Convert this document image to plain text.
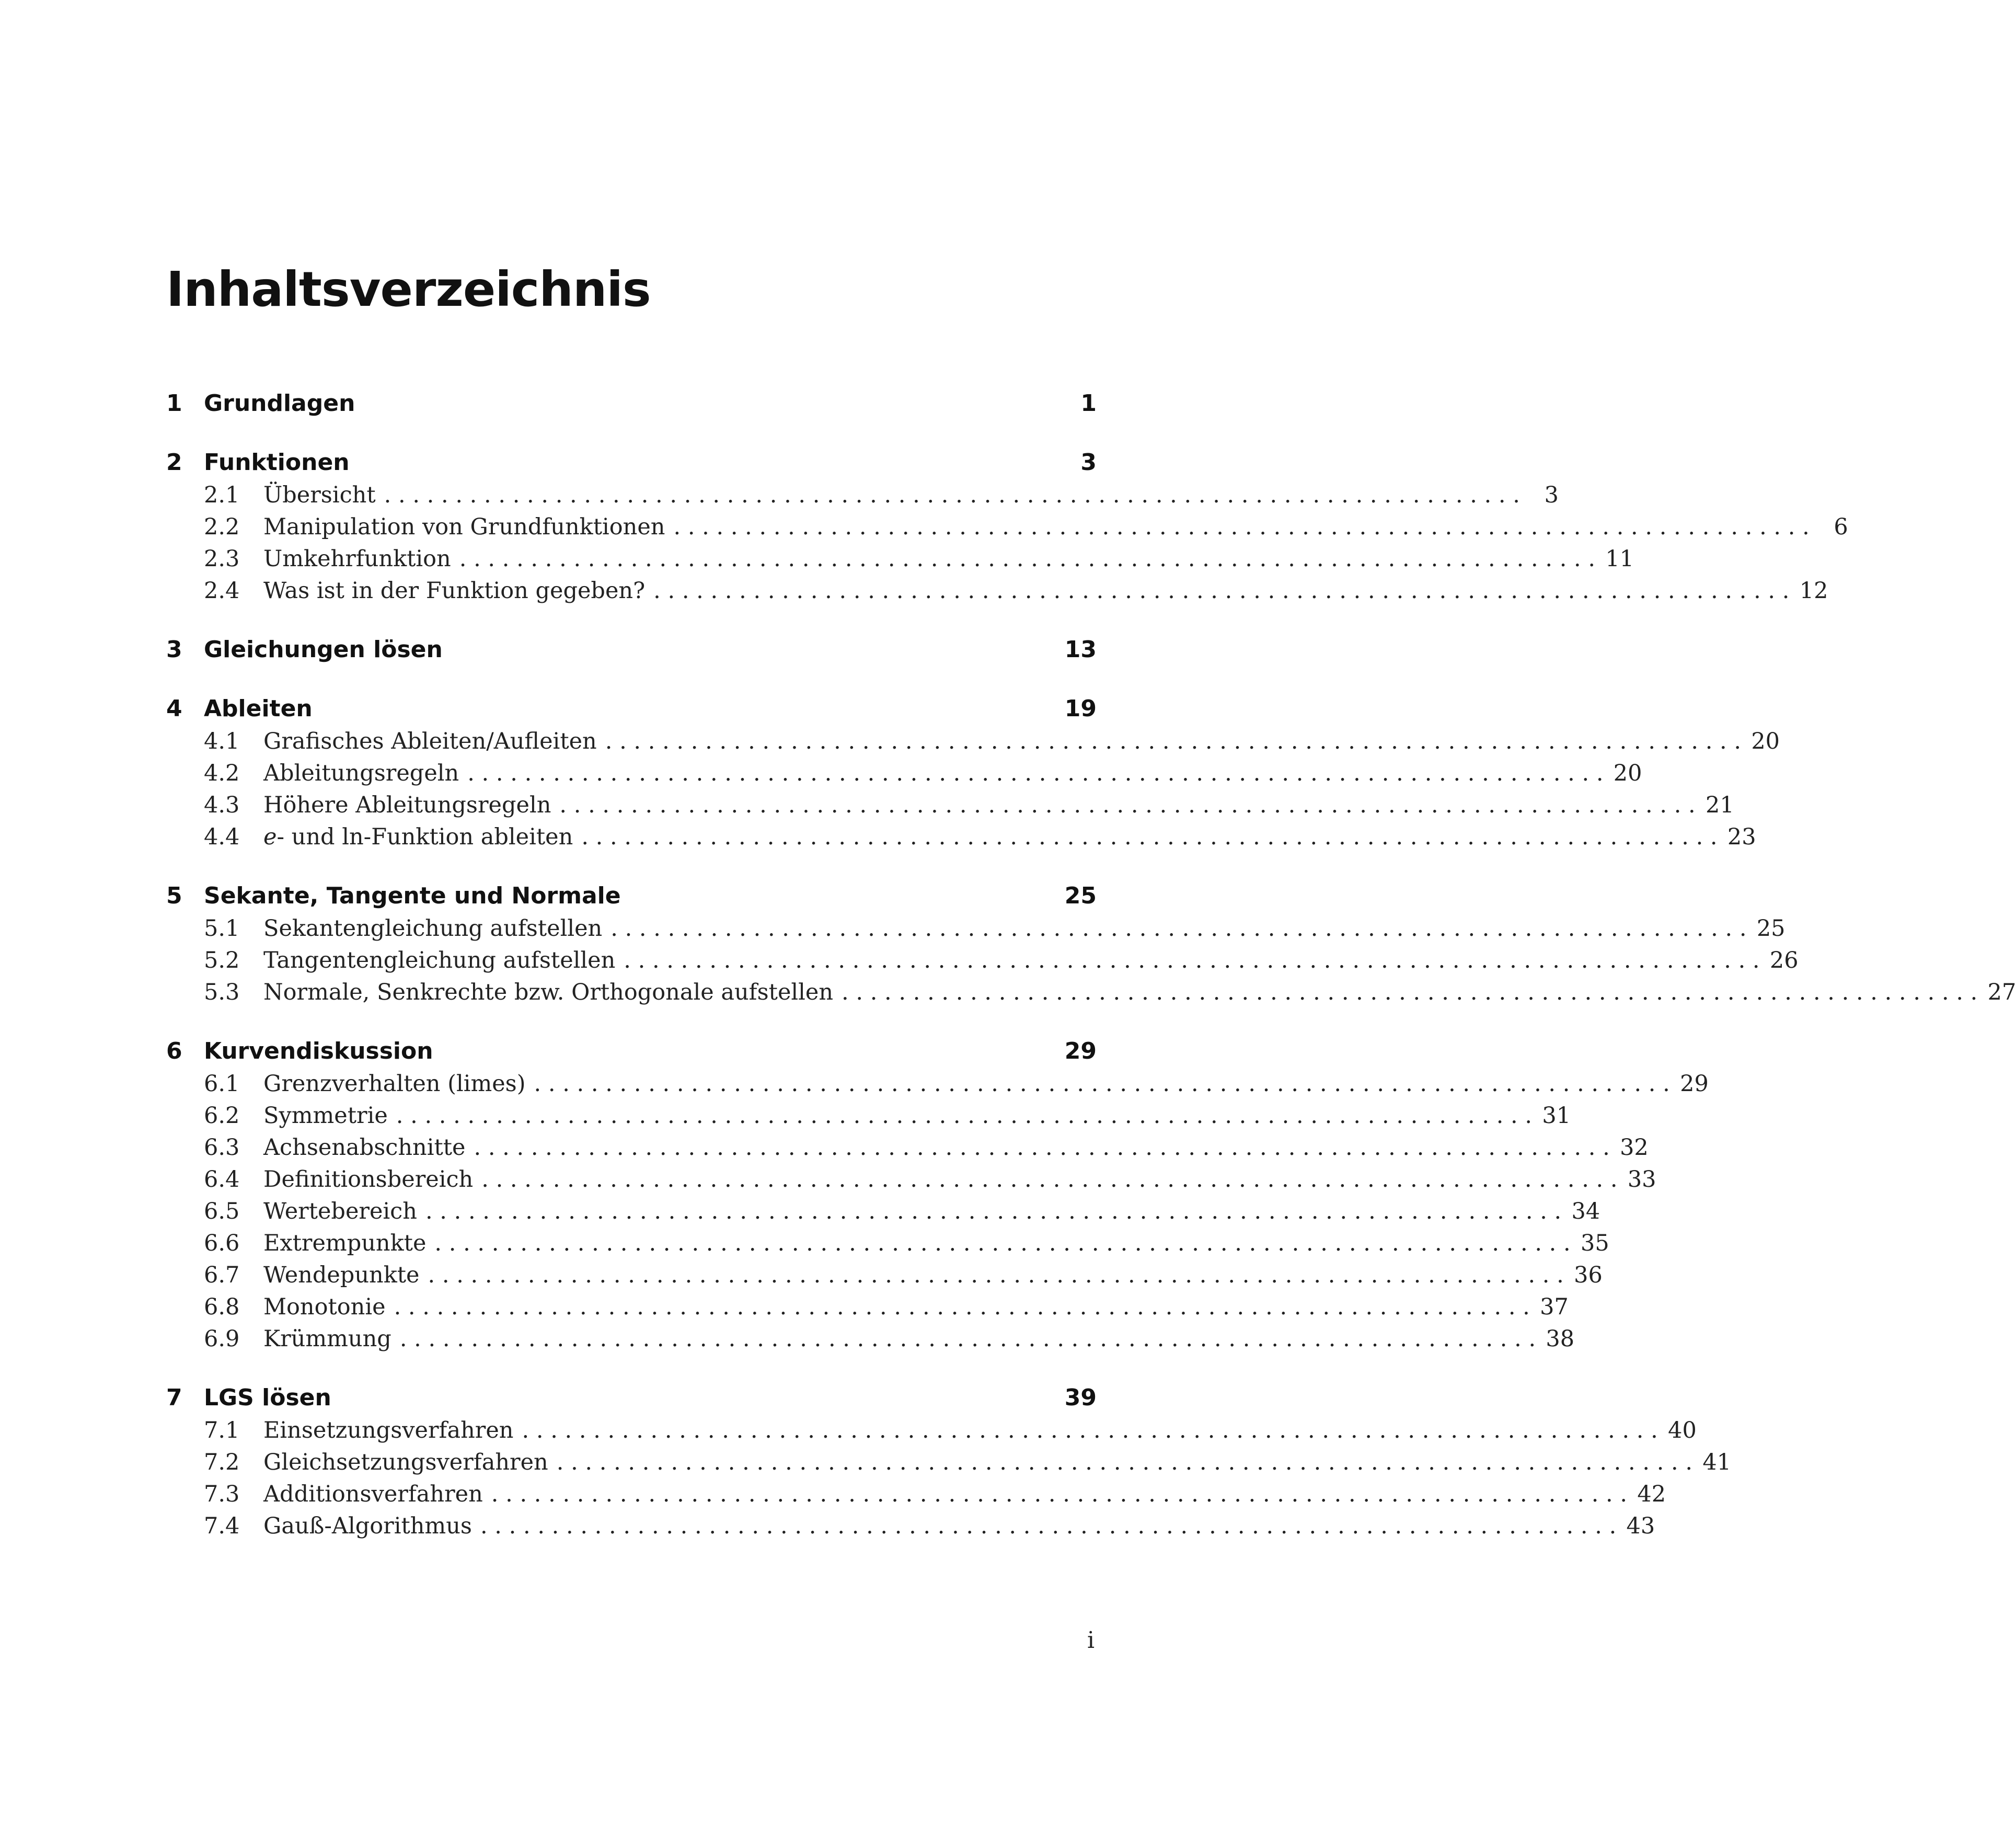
Inhaltsverzeichnis
1 Grundlagen	1
2 Funktionen	3
2.1	Übersicht . . . . . . . . . . . . . . . . . . . . . . . . . . . . . . . . . . . . . . . . . . . . . . . . . . . . . . . . . . . . . . . . . . . . . . . . . . . . . . . .	3
2.2	Manipulation von Grundfunktionen . . . . . . . . . . . . . . . . . . . . . . . . . . . . . . . . . . . . . . . . . . . . . . . . . . . . . . . . . . . . . . . . . . . . . . . . . . . . . . . .	6
2.3	Umkehrfunktion . . . . . . . . . . . . . . . . . . . . . . . . . . . . . . . . . . . . . . . . . . . . . . . . . . . . . . . . . . . . . . . . . . . . . . . . . . . . . . . . 11
2.4	Was ist in der Funktion gegeben? . . . . . . . . . . . . . . . . . . . . . . . . . . . . . . . . . . . . . . . . . . . . . . . . . . . . . . . . . . . . . . . . . . . . . . . . . . . . . . . . 12
3 Gleichungen lösen	13
4 Ableiten	19
4.1	Grafisches Ableiten/Aufleiten . . . . . . . . . . . . . . . . . . . . . . . . . . . . . . . . . . . . . . . . . . . . . . . . . . . . . . . . . . . . . . . . . . . . . . . . . . . . . . . . 20
4.2	Ableitungsregeln . . . . . . . . . . . . . . . . . . . . . . . . . . . . . . . . . . . . . . . . . . . . . . . . . . . . . . . . . . . . . . . . . . . . . . . . . . . . . . . . 20
4.3	Höhere Ableitungsregeln . . . . . . . . . . . . . . . . . . . . . . . . . . . . . . . . . . . . . . . . . . . . . . . . . . . . . . . . . . . . . . . . . . . . . . . . . . . . . . . . 21
4.4	e- und ln-Funktion ableiten . . . . . . . . . . . . . . . . . . . . . . . . . . . . . . . . . . . . . . . . . . . . . . . . . . . . . . . . . . . . . . . . . . . . . . . . . . . . . . . . 23
5 Sekante, Tangente und Normale	25
5.1	Sekantengleichung aufstellen . . . . . . . . . . . . . . . . . . . . . . . . . . . . . . . . . . . . . . . . . . . . . . . . . . . . . . . . . . . . . . . . . . . . . . . . . . . . . . . . 25
5.2	Tangentengleichung aufstellen . . . . . . . . . . . . . . . . . . . . . . . . . . . . . . . . . . . . . . . . . . . . . . . . . . . . . . . . . . . . . . . . . . . . . . . . . . . . . . . . 26
5.3	Normale, Senkrechte bzw. Orthogonale aufstellen . . . . . . . . . . . . . . . . . . . . . . . . . . . . . . . . . . . . . . . . . . . . . . . . . . . . . . . . . . . . . . . . . . . . . . . . . . . . . . . . 27
6 Kurvendiskussion	29
6.1	Grenzverhalten (limes) . . . . . . . . . . . . . . . . . . . . . . . . . . . . . . . . . . . . . . . . . . . . . . . . . . . . . . . . . . . . . . . . . . . . . . . . . . . . . . . . 29
6.2	Symmetrie . . . . . . . . . . . . . . . . . . . . . . . . . . . . . . . . . . . . . . . . . . . . . . . . . . . . . . . . . . . . . . . . . . . . . . . . . . . . . . . . 31
6.3	Achsenabschnitte . . . . . . . . . . . . . . . . . . . . . . . . . . . . . . . . . . . . . . . . . . . . . . . . . . . . . . . . . . . . . . . . . . . . . . . . . . . . . . . . 32
6.4	Definitionsbereich . . . . . . . . . . . . . . . . . . . . . . . . . . . . . . . . . . . . . . . . . . . . . . . . . . . . . . . . . . . . . . . . . . . . . . . . . . . . . . . . 33
6.5	Wertebereich . . . . . . . . . . . . . . . . . . . . . . . . . . . . . . . . . . . . . . . . . . . . . . . . . . . . . . . . . . . . . . . . . . . . . . . . . . . . . . . . 34
6.6	Extrempunkte . . . . . . . . . . . . . . . . . . . . . . . . . . . . . . . . . . . . . . . . . . . . . . . . . . . . . . . . . . . . . . . . . . . . . . . . . . . . . . . . 35
6.7	Wendepunkte . . . . . . . . . . . . . . . . . . . . . . . . . . . . . . . . . . . . . . . . . . . . . . . . . . . . . . . . . . . . . . . . . . . . . . . . . . . . . . . . 36
6.8	Monotonie . . . . . . . . . . . . . . . . . . . . . . . . . . . . . . . . . . . . . . . . . . . . . . . . . . . . . . . . . . . . . . . . . . . . . . . . . . . . . . . . 37
6.9	Krümmung . . . . . . . . . . . . . . . . . . . . . . . . . . . . . . . . . . . . . . . . . . . . . . . . . . . . . . . . . . . . . . . . . . . . . . . . . . . . . . . . 38
7 LGS lösen	39
7.1	Einsetzungsverfahren . . . . . . . . . . . . . . . . . . . . . . . . . . . . . . . . . . . . . . . . . . . . . . . . . . . . . . . . . . . . . . . . . . . . . . . . . . . . . . . . 40
7.2	Gleichsetzungsverfahren . . . . . . . . . . . . . . . . . . . . . . . . . . . . . . . . . . . . . . . . . . . . . . . . . . . . . . . . . . . . . . . . . . . . . . . . . . . . . . . . 41
7.3	Additionsverfahren . . . . . . . . . . . . . . . . . . . . . . . . . . . . . . . . . . . . . . . . . . . . . . . . . . . . . . . . . . . . . . . . . . . . . . . . . . . . . . . . 42
7.4	Gauß-Algorithmus . . . . . . . . . . . . . . . . . . . . . . . . . . . . . . . . . . . . . . . . . . . . . . . . . . . . . . . . . . . . . . . . . . . . . . . . . . . . . . . . 43
i
